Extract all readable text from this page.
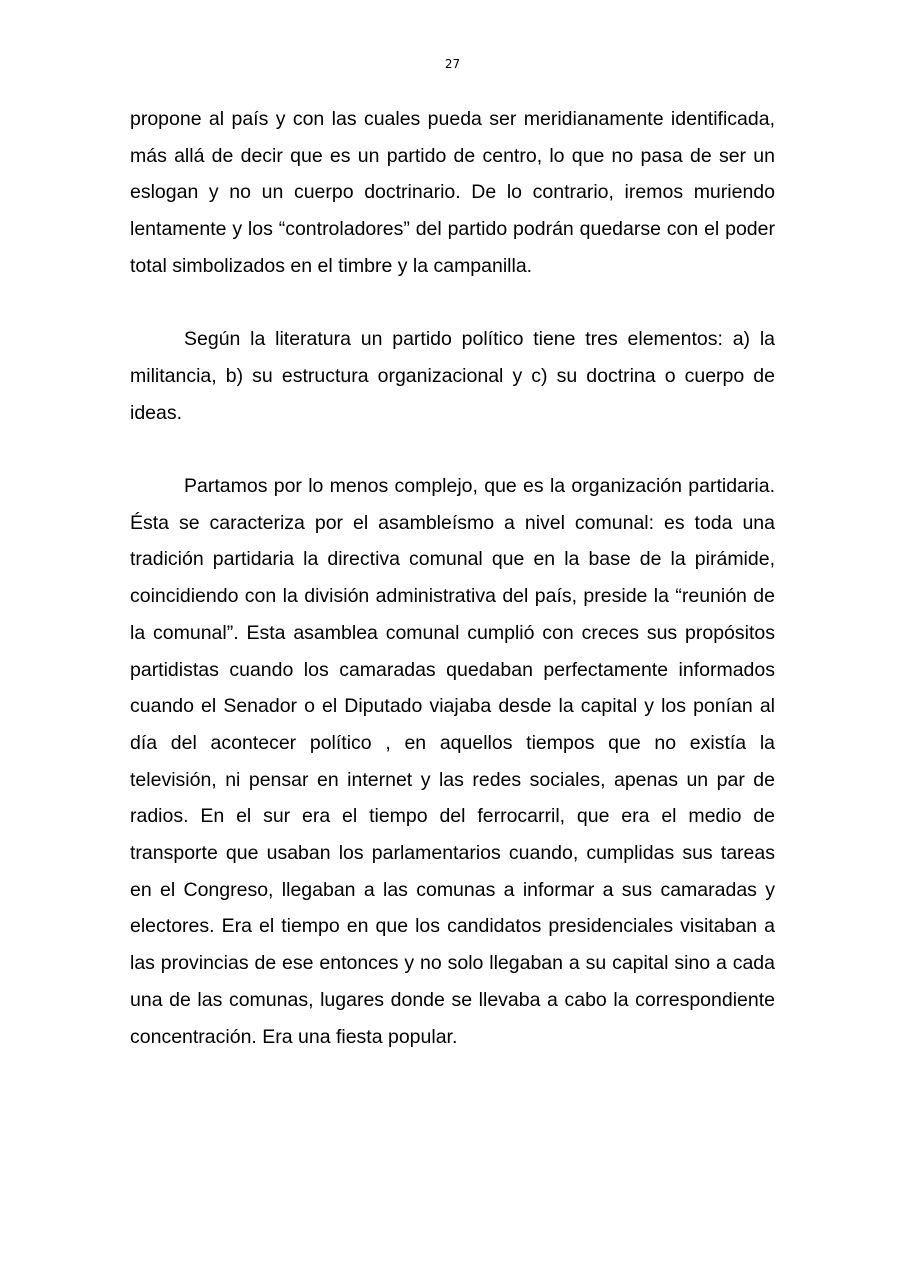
27

propone al país y con las cuales pueda ser meridianamente identificada, más allá de decir que es un partido de centro, lo que no pasa de ser un eslogan y no un cuerpo doctrinario. De lo contrario, iremos muriendo lentamente y los “controladores” del partido podrán quedarse con el poder total simbolizados en el timbre y la campanilla.

Según la literatura un partido político tiene tres elementos: a) la militancia, b) su estructura organizacional y c) su doctrina o cuerpo de ideas.

Partamos por lo menos complejo, que es la organización partidaria. Ésta se caracteriza por el asambleísmo a nivel comunal: es toda una tradición partidaria la directiva comunal que en la base de la pirámide, coincidiendo con la división administrativa del país, preside la “reunión de la comunal”. Esta asamblea comunal cumplió con creces sus propósitos partidistas cuando los camaradas quedaban perfectamente informados cuando el Senador o el Diputado viajaba desde la capital y los ponían al día del acontecer político , en aquellos tiempos que no existía la televisión, ni pensar en internet y las redes sociales, apenas un par de radios. En el sur era el tiempo del ferrocarril, que era el medio de transporte que usaban los parlamentarios cuando, cumplidas sus tareas en el Congreso, llegaban a las comunas a informar a sus camaradas y electores. Era el tiempo en que los candidatos presidenciales visitaban a las provincias de ese entonces y no solo llegaban a su capital sino a cada una de las comunas, lugares donde se llevaba a cabo la correspondiente concentración. Era una fiesta popular.
